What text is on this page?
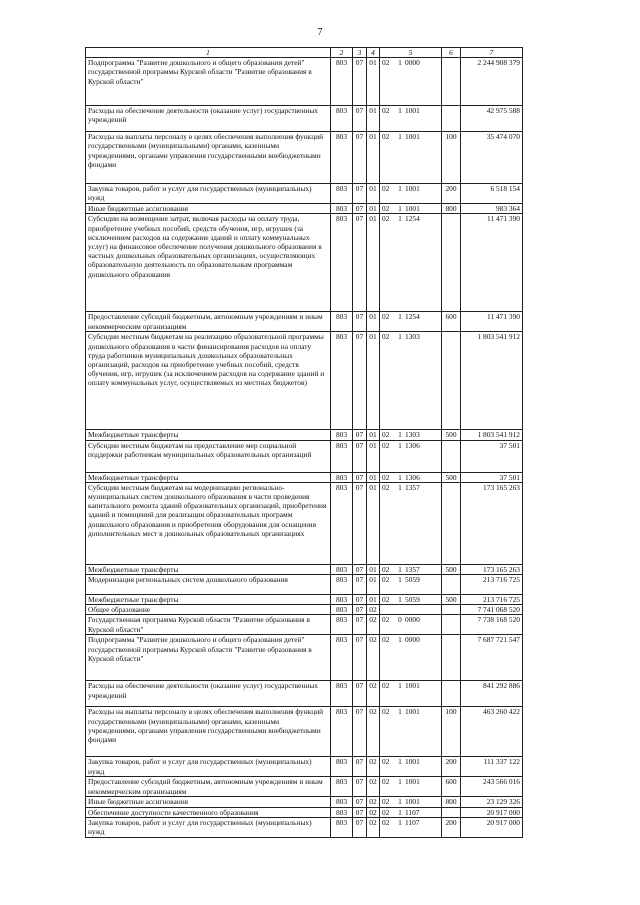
7
1	2	3	4	5	6	7
Подпрограмма "Развитие дошкольного и общего образования детей" государственной программы Курской области "Развитие образования в Курской области"	803	07	01	02 1 0000		2 244 908 379
Расходы на обеспечение деятельности (оказание услуг) государственных учреждений	803	07	01	02 1 1001		42 975 588
Расходы на выплаты персоналу в целях обеспечения выполнения функций государственными (муниципальными) органами, казенными учреждениями, органами управления государственными внебюджетными фондами	803	07	01	02 1 1001	100	35 474 070
Закупка товаров, работ и услуг для государственных (муниципальных) нужд	803	07	01	02 1 1001	200	6 518 154
Иные бюджетные ассигнования	803	07	01	02 1 1001	800	983 364
Субсидии на возмещение затрат, включая расходы на оплату труда, приобретение учебных пособий, средств обучения, игр, игрушек (за исключением расходов на содержание зданий и оплату коммунальных услуг) на финансовое обеспечение получения дошкольного образования в частных дошкольных образовательных организациях, осуществляющих образовательную деятельность по образовательным программам дошкольного образования	803	07	01	02 1 1254		11 471 390
Предоставление субсидий бюджетным, автономным учреждениям и иным некоммерческим организациям	803	07	01	02 1 1254	600	11 471 390
Субсидии местным бюджетам на реализацию образовательной программы дошкольного образования в части финансирования расходов на оплату труда работников муниципальных дошкольных образовательных организаций, расходов на приобретение учебных пособий, средств обучения, игр, игрушек (за исключением расходов на содержание зданий и оплату коммунальных услуг, осуществляемых из местных бюджетов)	803	07	01	02 1 1303		1 803 541 912
Межбюджетные трансферты	803	07	01	02 1 1303	500	1 803 541 912
Субсидии местным бюджетам на предоставление мер социальной поддержки работникам муниципальных образовательных организаций	803	07	01	02 1 1306		37 501
Межбюджетные трансферты	803	07	01	02 1 1306	500	37 501
Субсидии местным бюджетам на модернизацию регионально-муниципальных систем дошкольного образования в части проведения капитального ремонта зданий образовательных организаций, приобретения зданий и помещений для реализации образовательных программ дошкольного образования и приобретения оборудования для оснащения дополнительных мест в дошкольных образовательных организациях	803	07	01	02 1 1357		173 165 263
Межбюджетные трансферты	803	07	01	02 1 1357	500	173 165 263
Модернизация региональных систем дошкольного образования	803	07	01	02 1 5059		213 716 725
Межбюджетные трансферты	803	07	01	02 1 5059	500	213 716 725
Общее образование	803	07	02			7 741 068 520
Государственная программа Курской области "Развитие образования в Курской области"	803	07	02	02 0 0000		7 738 168 520
Подпрограмма "Развитие дошкольного и общего образования детей" государственной программы Курской области "Развитие образования в Курской области"	803	07	02	02 1 0000		7 687 721 547
Расходы на обеспечение деятельности (оказание услуг) государственных учреждений	803	07	02	02 1 1001		841 292 886
Расходы на выплаты персоналу в целях обеспечения выполнения функций государственными (муниципальными) органами, казенными учреждениями, органами управления государственными внебюджетными фондами	803	07	02	02 1 1001	100	463 260 422
Закупка товаров, работ и услуг для государственных (муниципальных) нужд	803	07	02	02 1 1001	200	111 337 122
Предоставление субсидий бюджетным, автономным учреждениям и иным некоммерческим организациям	803	07	02	02 1 1001	600	243 566 016
Иные бюджетные ассигнования	803	07	02	02 1 1001	800	23 129 326
Обеспечение доступности качественного образования	803	07	02	02 1 1107		20 917 000
Закупка товаров, работ и услуг для государственных (муниципальных) нужд	803	07	02	02 1 1107	200	20 917 000
